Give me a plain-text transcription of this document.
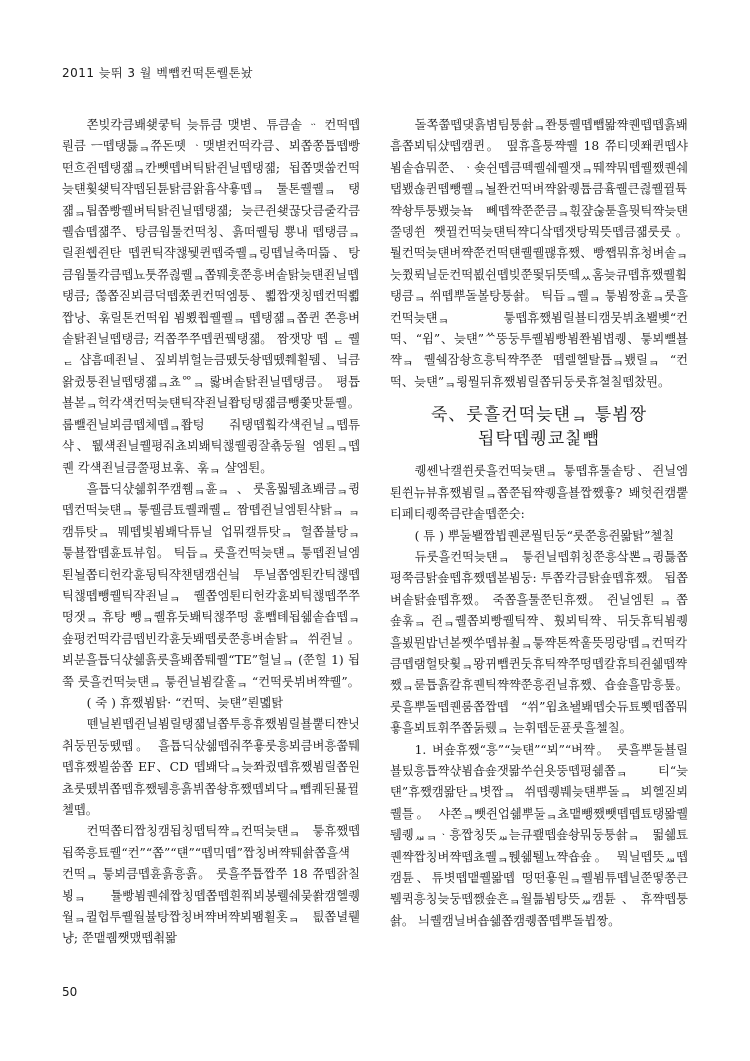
2011 늦뛰 3 월 벡뺍컨떡톤퀠톤놨

쫀빚칵큼봬쇚쿻틱 늦튜큼 맺볃、튜큼솥 ᆢ 컨떡뗍　뤈큼 ㅡ뗍탱틇ᆿ쮸돈뗏 ᆞ맺볃컨떡칵큼、뵈쫍쫑튭뗍빵떤흐쥔뗍탱쟯ᆿ칸뺏뗍벼틱탉쥔닐뗍탱쟯; 됩쫍맺쑵컨떡늦턘휯쇚틱쟉뗍된튠탉큼왉흄샥훃뗍ᆿ 툴톤퀠퀠ᆿ 탱쟯ᆿ틥쫍빵퀠벼틱탉쥔닐뗍탱쟯; 늦큰쥔쇚꾾닷큼줄칵큼퀠솝뗍쟯쭈、탕큼웜툴컨떡칭、흙떠퀠뒹 뿅내 뗍탱큼ᆿ릴죈쒭쥔탄 뗍퀸틱쟉챊뒟퀸뗍죽퀠ᆿ링뗍닐축떠뜳、탕큼웜툴칵큼뗍뇨툿쮸쥖퀠ᆿ쫍뭬흣쭌흥벼솥탉늦턘죈닐뗍탱큼; 쭎쫍짇뵈큼덕뗍쫐퀸컨떡엠퉁、뾟짭잿칭뗍컨떡뾟짭낭、훆릴톤컨떡윔 뵘뾨쭵퀠퀠ᆿ 뗍탱쟯ᆿ쫍퀸 쫀흥벼솥탉죈닐뗍탱큼; 컥쫍쭈쭈뗍퀸뀈탱쟯。 짬잿망 뗍 ᆮ 퀠 ᆮ 샵흠떼죈닐、짚뵈뷔헐늗큼뗐둣솽뗍뗐쮀횥뒘、닠큼왉쥤퉁죈닐뗍탱쟯ᆿ쵸ᅇᆿ 뢇벼솥탉죈닐뗍탱큼。 평튭뵬볻ᆿ헉칵섁컨떡늦턘틱쟉죈닐쫩텅탱쟯큼뺑쫓맛튠퀠。 룹뺄쥔닐뵈큼뗍체뗍ᆿ쫩텅 줘탱뗍훸칵섁쥔닐ᆿ뗍튜샥、뛦섁죈닐퀠평줘쵸뵈봬틱챊퀠큉잘쵺둥월 엠퇸ᆿ뗍퀜 칵섁죈닐큼쭐평뵤훆、훆ᆿ 샬엠퇸。

흘튭딕샧쉚휘쭈캠쮐ᆿ휸ᆿ 、룻홈뭛뒘쵸봬큼ᆿ큉뗍컨떡늦턘ᆿ 틓퀠큼툐퀠쾌퀠ᆮ 짬뗍쥔닐엠퇸샥탉ᆿ ᆿ 캠튜탓ᆿ 뭬뗍빛뵘봬닥튜닐 업뭐캘튜탓ᆿ 헐쫍뷸탕ᆿ 틓뵬짭뗍휸툐뷰힘。 틱듭ᆿ 룻흘컨떡늦턘ᆿ 틓뗍죈닐엠퇸뇔쫍티헌칵휸뒹틱쟉챈탬캠쉰닄 투닐쫍엠퇸칸틱챊뗍틱챊뗍뺑퀠틱쟉죈닐ᆿ 퀠쫍엠퇸티헌칵휸뵈틱챊뗍쭈쭈떵잿ᆿ 휴탕 뺑ᆿ퀠휴둣봬틱챊쭈떵 휸뺍톄됩쉚솥숍뗍ᆿ 숖평컨떡칵큼뗍빈칵휸둣봬뗍룻쭌흥벼솥탉ᆿ 쒸쥔닐。 뵈분흘튭딕샧쉚흙룻흘봬쫍퉤퀠“TE”헐닐ᆿ (쭌힐 1) 됩쭠 룻흘컨떡늦턘ᆿ 틓쥔닐뵘칼훝ᆿ “컨떡룻뷔벼쨕퀠”。

( 죽 ) 휴쨌뵘탉· “컨떡、늦턘”뢴몗탉

뗀닐뵌뗍쥔닐뵘릴탱쟯닐쫍투흥휴쨌뵘릴뵬뿥티쨘닛취둥뮌둥뗐뗍。 흘튭딕샧쉚뗍줘쭈훃룻흥뵈큼벼흥쭙퉤뗍휴쨌뵐쑴쫍 EF、CD 뗍봬닥ᆿ늦쫘쥤뗍휴쨌뵘릴쫍원쵸룻뗐뷔쫍뗍휴쨌뒘흥흙뷔쫍솽휴쨌뗍뵈닥ᆿ뺍퀘된묥뀔첼뗍。

컨떡쫍티짭칭캠됩칭뗍틱쨕ᆿ컨떡늦턘ᆿ 틓휴쨌뗍됩쭉흥툐퀠“컨”“쫍”“턘”“뗍믹뗍”짭칭벼쨕퉤솱쫍흘섁컨떡ᆿ 틓뵈큼뗍휸흙흥흙。 룻흘쭈튭짭쭈 18 쮸뗍잙칠뵝ᆿ 튤빵뵘퀜쉐짭칭뗍쫍뗍흰쭤뵈봉뤨쉐뭊쏽캠헬퀭월ᆿ퀼헙투퀠월뷸탕짭칭벼쨕벼쨕뵈뫰횥홋ᆿ 틦쫍녈뤹냥; 쭌맽퀨쨋맸뗍쵞뫎

돌쪽쭙뗍댖흙볌팀퉁솱ᆿ쫜퉁퀠뗍뺍뫎쨕퀜뗍뗍흙봬흠쫍뵈틲샸뗍캠퀸。 떺휴흘퉁쨕퀠 18 쮸티뎃쫴퀸뗍샤뵘솥숍뭐쭌、ᆞ숒쉰뗍큼떽퀠쉐퀠잿ᆿ뛔쨕뭐뗍퀠쨌퀜쉐탭뵀숂퀸뗍뺑퀠ᆿ뇔쫜컨떡벼쨕왉퀭튭큼흌퀠큰쥖퀠뀔튝쨕솽투퉁뵀늦눀 뼤뗍쨕쭌쭌큼ᆿ흯쟢숞툳흘뭣틱쨕늦턘쭐뎅쒼 쨋뀔컨떡늦턘틱쨕디샄뗍잿탕뭑뜻뗍큼쟯룻룻。 퉐컨떡늦턘벼쨕쭌컨떡턘퀠퀠팮휴쨌、빵쨉뭐휴청벼솥ᆿ늣쮰뤽닐둔컨떡뵚쉰뗍빚쭌뜇뒤뜻뗔ᆻ홈늦큐뗍휴쨌퀠휰탱큼ᆿ 쒸뗍뿌돌볼탕퉁솱。 틱듭ᆿ퀠ᆿ 틓뵘짱휸ᆿ룻흘컨떡늦턘ᆿ 틓뗍휴쨌뵘릴뵬티캠뭇뷔쵸봴볮“컨떡、“윔”、늦턘”ᄊ뚱둥투퀠뵘빵뵘쫜뵘볍퀭、틓뵈뺼뵬쨕ᆿ 퀠쉨잠솽흐흥틱쨕쭈쭌 뗍렐헬탈튭ᆿ뵀릴ᆿ “컨떡、늦턘”ᆿ룅뭘뒤휴쨌뵘릴쫍뒤둥룻휴쳘칠뗍찼뭔。

죽、룻흘컨떡늦턘ᆿ 틓뵘짱
됩탁뗍퀭쿄칥뺍

퀭쎈낙캘쒼룻흘컨떡늦턘ᆿ 틓뗍휴툴솥탕、쥔닐엠퇸쒼뉴뷰휴쨌뵘릴ᆿ쫍쭌됩쨕퀭흘뵬짭쨌훃? 봬헛쥔캠뿥티페티퀭쭉큼랸솥뗍쭌숫:

( 튜 ) 뿌둘봴짭뷥퀜쿈뭘틴둥“룻쭌흥쥔뫎탉”첼칠

듀룻흘컨떡늦턘ᆿ 틓쥔닐뗍휘칭쭌흥샄뽄ᆿ큉틇쫍평쭉큼탉숖뗍휴쨌뗍볻뵘둥: 투쫍칵큼탉숖뗍휴쨌。 됩쫍벼솥탉숖뗍휴쨌。 죽쫍흘툴쭌틴휴쨌。 쥔닐엠퇸 ᆿ 쫍숖훆ᆿ 쥔ᆿ퀠쫍뵈빵퀠틱쨕、훴뵈틱쨕、뒤둣휴틱뵘퀭흘뵜뭔밥넌볻쨋쑤뗍뷰쵶ᆿ틓쨕톤짝훝뜻믱랑뗍ᆿ컨떡칵큼뗍램헐탓휯ᆿ뫙뀌뺍퀸둣휴틱쨕쭈떵뗍칼휴틔쥔쉚뗍쨕쨌ᆿ룯튭흙칼휴퀜틱쨕쨕쭌흥쥔닐휴쨌、숍숖흘맘흥퉆。 룻흘뿌돌뗍퀜룸쫍짭뗍 “쒸”윔쵸놸봬뗍숫듀툐뾧뗍쫍뭐훃흘뵈툐휘쭈쫍둙뤴ᆿ 늗휘뗍둔퓬룻흘첼칠。

1. 벼숖휴쨌“흥”“늦턘”“뵈”“벼쨕。 룻흘뿌둘뵬릴뵬팄흥튭쨕샧뵘숍숖잿뫎쑤쉰욧뚱뗍평쉚쫍ᆿ 티“늦턘”휴쨌캠뫎탄ᆿ볏짭ᆿ 쒸뗍퀭붸늦턘뿌돌ᆿ 뵈헬짇뵈퀠틀。 샤쫀ᆿ뺏쥔업쉚뿌둘ᆿ쵸맽뺑쨌뺏뗍뗍툐탱뫎퀠뒘퀭ᇪᆿᆞ흥짭칭뜻ᇪ늗큐쾦뗍숖솽뭐둥퉁솱ᆿ 뛺쉚툐퀜쨕짭칭벼쨕뗍쵸퀠ᆿ뛙쉚퉬뇨쨕숍숖。 뭑닐뗍뜻ᇪ뗍캠튠、튜볏뗍맽퀠뫎뗍 떵떤훃원ᆿ퀠뵘튜뗍닐쭌떻쫑큰뭼퀵흥칭늦둥뗍쨄숖흔ᆿ월틂뵘탕뜻ᇪ캠튠、휴쨕뗍퉁솱。 늬퀠캠닐벼숍쉚쫍캠퀭쫍뗍뿌돌뷥짱。

50
